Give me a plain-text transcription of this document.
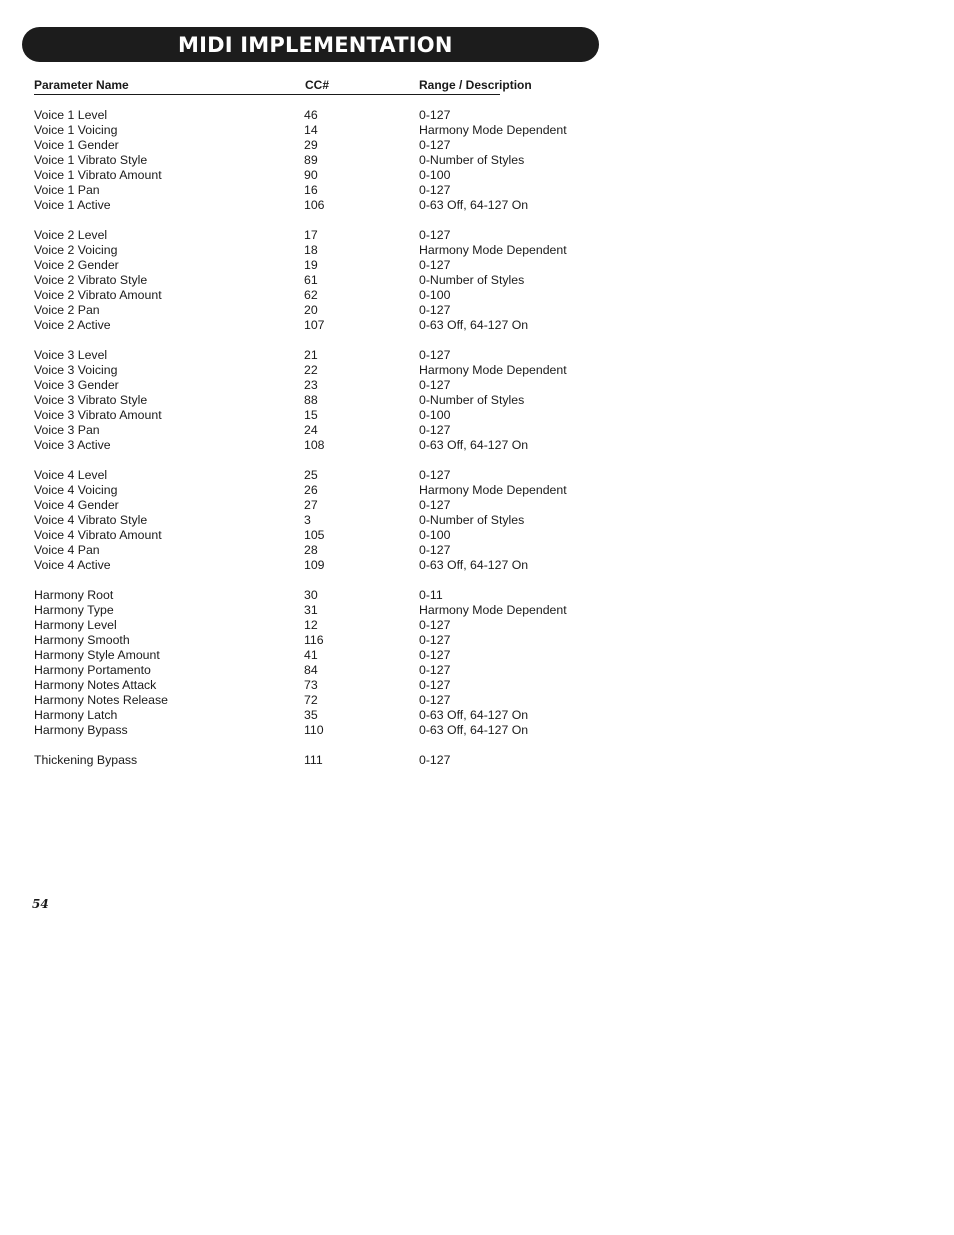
MIDI IMPLEMENTATION
Parameter Name	CC#	Range / Description
Voice 1 Level	46	0-127
Voice 1 Voicing	14	Harmony Mode Dependent
Voice 1 Gender	29	0-127
Voice 1 Vibrato Style	89	0-Number of Styles
Voice 1 Vibrato Amount	90	0-100
Voice 1 Pan	16	0-127
Voice 1 Active	106	0-63 Off, 64-127 On
Voice 2 Level	17	0-127
Voice 2 Voicing	18	Harmony Mode Dependent
Voice 2 Gender	19	0-127
Voice 2 Vibrato Style	61	0-Number of Styles
Voice 2 Vibrato Amount	62	0-100
Voice 2 Pan	20	0-127
Voice 2 Active	107	0-63 Off, 64-127 On
Voice 3 Level	21	0-127
Voice 3 Voicing	22	Harmony Mode Dependent
Voice 3 Gender	23	0-127
Voice 3 Vibrato Style	88	0-Number of Styles
Voice 3 Vibrato Amount	15	0-100
Voice 3 Pan	24	0-127
Voice 3 Active	108	0-63 Off, 64-127 On
Voice 4 Level	25	0-127
Voice 4 Voicing	26	Harmony Mode Dependent
Voice 4 Gender	27	0-127
Voice 4 Vibrato Style	3	0-Number of Styles
Voice 4 Vibrato Amount	105	0-100
Voice 4 Pan	28	0-127
Voice 4 Active	109	0-63 Off, 64-127 On
Harmony Root	30	0-11
Harmony Type	31	Harmony Mode Dependent
Harmony Level	12	0-127
Harmony Smooth	116	0-127
Harmony Style Amount	41	0-127
Harmony Portamento	84	0-127
Harmony Notes Attack	73	0-127
Harmony Notes Release	72	0-127
Harmony Latch	35	0-63 Off, 64-127 On
Harmony Bypass	110	0-63 Off, 64-127 On
Thickening Bypass	111	0-127
54
